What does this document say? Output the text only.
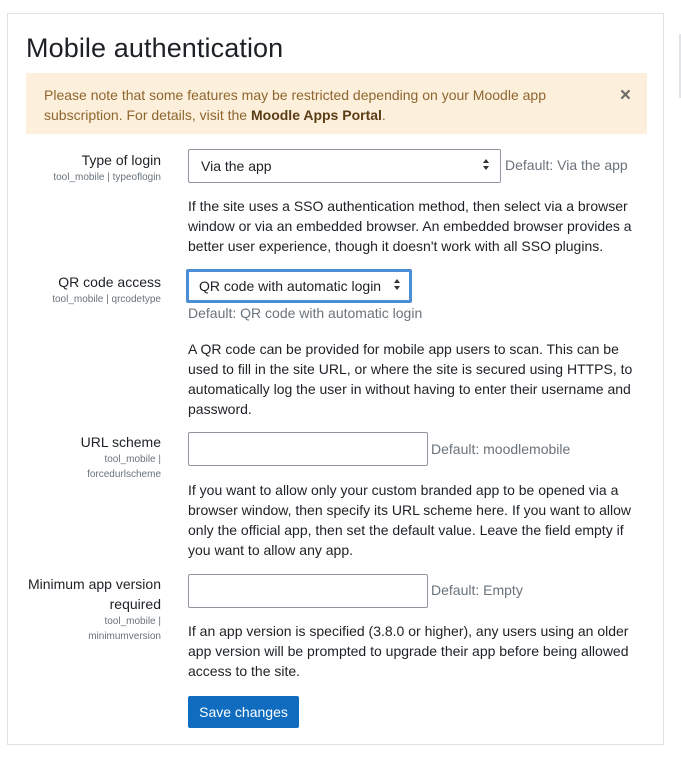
Mobile authentication
Please note that some features may be restricted depending on your Moodle app subscription. For details, visit the Moodle Apps Portal.
×
Type of login
tool_mobile | typeoflogin
Via the app	Default: Via the app

If the site uses a SSO authentication method, then select via a browser window or via an embedded browser. An embedded browser provides a better user experience, though it doesn't work with all SSO plugins.

QR code access
tool_mobile | qrcodetype
QR code with automatic login
Default: QR code with automatic login

A QR code can be provided for mobile app users to scan. This can be used to fill in the site URL, or where the site is secured using HTTPS, to automatically log the user in without having to enter their username and password.

URL scheme
tool_mobile |
forcedurlscheme
Default: moodlemobile

If you want to allow only your custom branded app to be opened via a browser window, then specify its URL scheme here. If you want to allow only the official app, then set the default value. Leave the field empty if you want to allow any app.

Minimum app version
required
tool_mobile |
minimumversion
Default: Empty

If an app version is specified (3.8.0 or higher), any users using an older app version will be prompted to upgrade their app before being allowed access to the site.

Save changes
